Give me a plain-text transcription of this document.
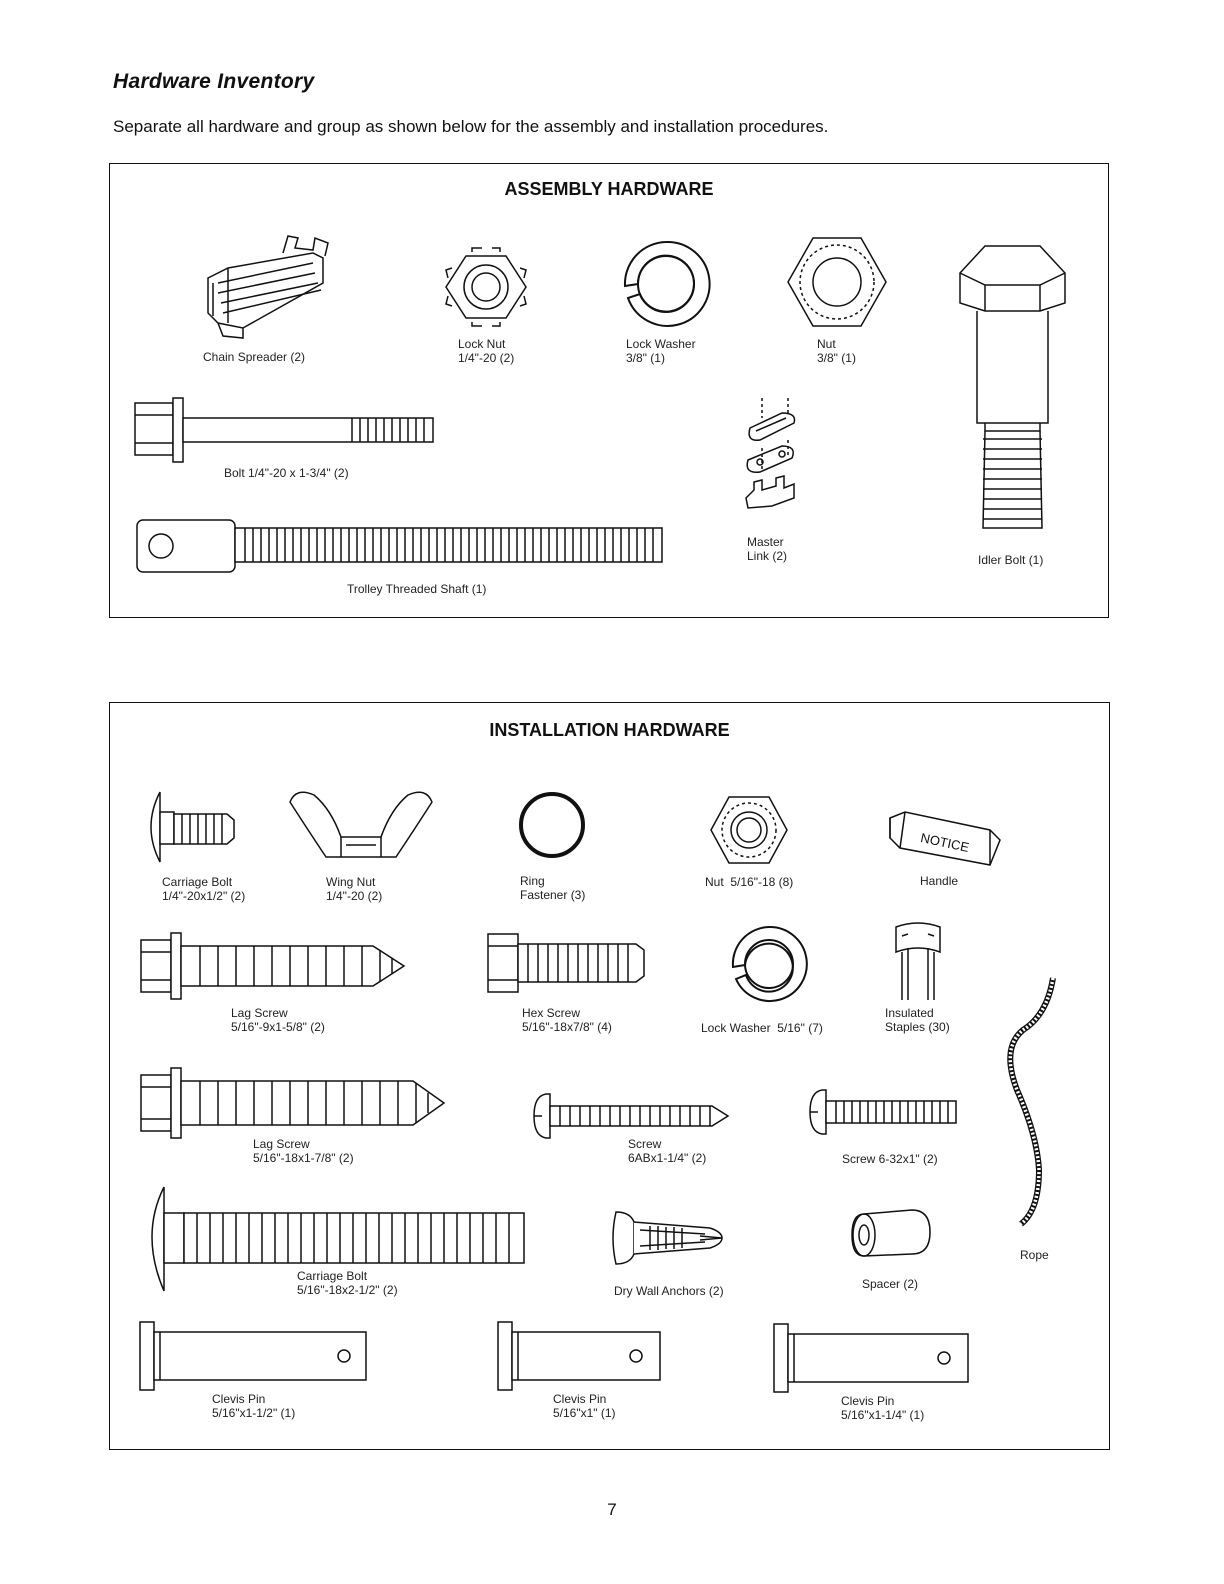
Hardware Inventory
Separate all hardware and group as shown below for the assembly and installation procedures.
ASSEMBLY HARDWARE
Chain Spreader (2)
Lock Nut
1/4"-20 (2)
Lock Washer
3/8" (1)
Nut
3/8" (1)
Idler Bolt (1)
Bolt 1/4"-20 x 1-3/4" (2)
Trolley Threaded Shaft (1)
Master
Link (2)
INSTALLATION HARDWARE
Carriage Bolt
1/4"-20x1/2" (2)
Wing Nut
1/4"-20 (2)
Ring
Fastener (3)
Nut  5/16"-18 (8)
NOTICE
Handle
Lag Screw
5/16"-9x1-5/8" (2)
Hex Screw
5/16"-18x7/8" (4)	Lock Washer  5/16" (7)
Insulated
Staples (30)
Lag Screw
5/16"-18x1-7/8" (2)
Screw
6ABx1-1/4" (2)	Screw 6-32x1" (2)
Rope
Carriage Bolt
5/16"-18x2-1/2" (2)	Dry Wall Anchors (2)	Spacer (2)
Clevis Pin
5/16"x1-1/2" (1)
Clevis Pin
5/16"x1" (1)
Clevis Pin
5/16"x1-1/4" (1)
7
